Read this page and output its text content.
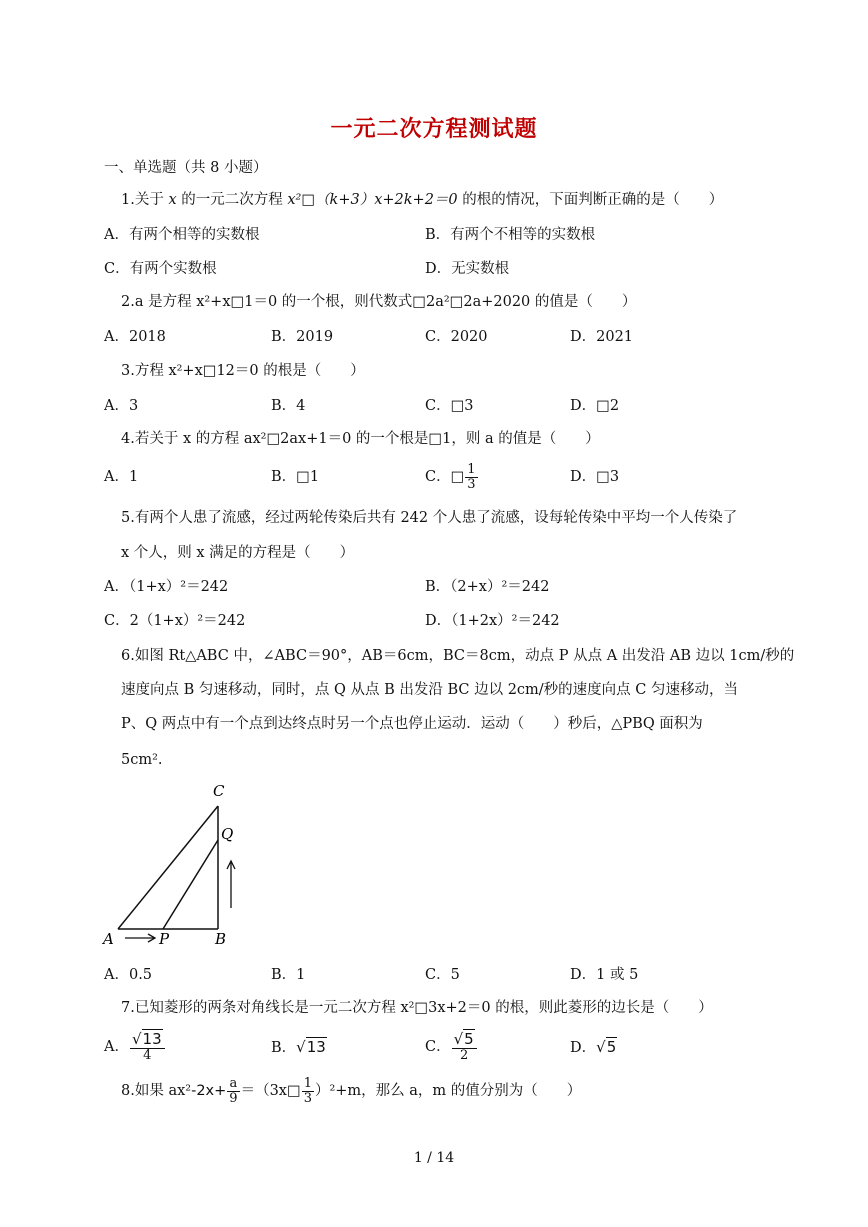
一元二次方程测试题
一、单选题（共 8 小题）
1.关于 x 的一元二次方程 x²□（k+3）x+2k+2＝0 的根的情况，下面判断正确的是（　　）
A．有两个相等的实数根	B．有两个不相等的实数根
C．有两个实数根	D．无实数根
2.a 是方程 x²+x□1＝0 的一个根，则代数式□2a²□2a+2020 的值是（　　）
A．2018	B．2019	C．2020	D．2021
3.方程 x²+x□12＝0 的根是（　　）
A．3	B．4	C．□3	D．□2
4.若关于 x 的方程 ax²□2ax+1＝0 的一个根是□1，则 a 的值是（　　）
A．1	B．□1	C．□ $\frac{1}{3}$	D．□3
5.有两个人患了流感，经过两轮传染后共有 242 个人患了流感，设每轮传染中平均一个人传染了
x 个人，则 x 满足的方程是（　　）
A．（1+x）²＝242	B．（2+x）²＝242
C．2（1+x）²＝242	D．（1+2x）²＝242
6.如图 Rt△ABC 中，∠ABC＝90°，AB＝6cm，BC＝8cm，动点 P 从点 A 出发沿 AB 边以 1cm/秒的
速度向点 B 匀速移动，同时，点 Q 从点 B 出发沿 BC 边以 2cm/秒的速度向点 C 匀速移动，当
P、Q 两点中有一个点到达终点时另一个点也停止运动．运动（　　）秒后，△PBQ 面积为
5cm².
A	P	B
C
Q
A．0.5	B．1	C．5	D．1 或 5
7.已知菱形的两条对角线长是一元二次方程 x²□3x+2＝0 的根，则此菱形的边长是（　　）
A． $\frac{√13}{4}$	B．√13	C． $\frac{√5}{2}$	D．√5
8.如果 $ax^2-2x+ \frac{a}{9}$ ＝（3x□ $\frac{1}{3} )^2+m$，那么 a，m 的值分别为（　　）
1 / 14
